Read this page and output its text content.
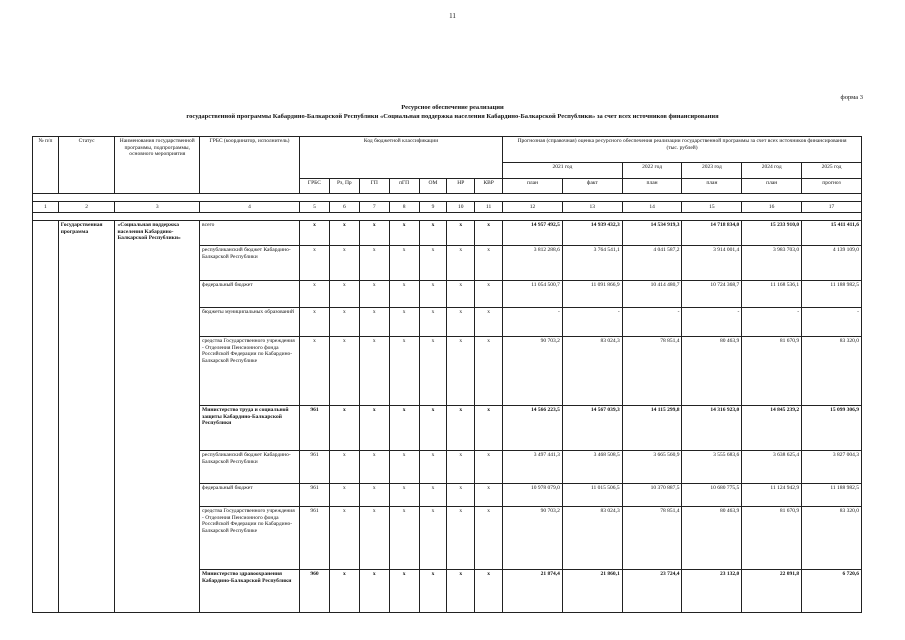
11
форма 3
Ресурсное обеспечение реализации
государственной программы Кабардино-Балкарской Республики «Социальная поддержка населения Кабардино-Балкарской Республики» за счет всех источников финансирования
№ п/п	Статус	Наименования государственной программы, подпрограммы, основного мероприятия	ГРБС (координатор, исполнитель)	Код бюджетной классификации							Прогнозная (справочная) оценка ресурсного обеспечения реализации государственной программы за счет всех источников финансирования
(тыс. рублей)					

											2021 год		2022 год	2023 год	2024 год	2025 год
				ГРБС	Рз, Пр	ГП	пГП	ОМ	НР	КВР	план	факт	план	план	план	прогноз

1	2	3	4	5	6	7	8	9	10	11	12	13	14	15	16	17

	Государственная программа	«Социальная поддержка населения Кабардино-Балкарской Республики»	всего	х	х	х	х	х	х	х	14 957 492,5	14 939 432,3	14 534 919,3	14 718 834,0	15 233 910,0	15 411 411,6
			республиканский бюджет Кабардино-Балкарской Республики	х	х	х	х	х	х	х	3 812 288,6	3 764 541,1	4 041 587,2	3 914 001,4	3 983 703,0	4 139 109,0
			федеральный бюджет	х	х	х	х	х	х	х	11 054 500,7	11 091 866,9	10 414 480,7	10 724 368,7	11 168 536,1	11 188 982,5
			бюджеты муниципальных образований	х	х	х	х	х	х	х	-	-	-	-	-	-
			средства Государственного учреждения - Отделения Пенсионного фонда Российской Федерации по Кабардино-Балкарской Республике	х	х	х	х	х	х	х	90 703,2	83 024,3	78 851,4	80 463,9	81 670,9	83 320,0
			Министерство труда и социальной защиты Кабардино-Балкарской Республики	961	х	х	х	х	х	х	14 566 223,5	14 567 039,3	14 115 299,8	14 316 923,0	14 845 239,2	15 099 306,9
			республиканский бюджет Кабардино-Балкарской Республики	961	х	х	х	х	х	х	3 497 441,3	3 468 508,5	3 665 560,9	3 555 683,6	3 638 625,4	3 827 004,3
			федеральный бюджет	961	х	х	х	х	х	х	10 978 079,0	11 015 506,5	10 370 887,5	10 680 775,5	11 124 942,9	11 188 982,5
			средства Государственного учреждения - Отделения Пенсионного фонда Российской Федерации по Кабардино-Балкарской Республике	961	х	х	х	х	х	х	90 703,2	83 024,3	78 851,4	80 463,9	81 670,9	83 320,0
			Министерство здравоохранения Кабардино-Балкарской Республики	960	х	х	х	х	х	х	21 874,4	21 860,1	23 724,4	23 132,0	22 091,8	6 720,6
